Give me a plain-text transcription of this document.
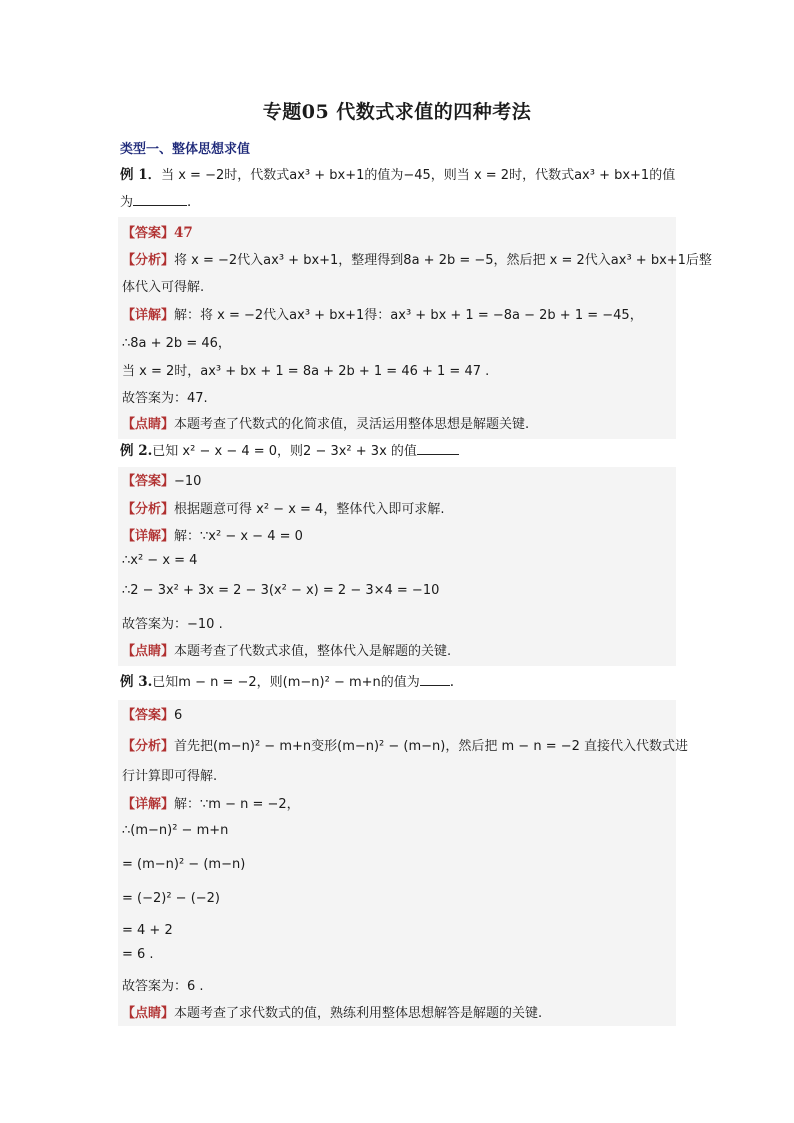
专题05 代数式求值的四种考法
类型一、整体思想求值
例 1．当 x = −2时，代数式ax³ + bx+1的值为−45，则当 x = 2时，代数式ax³ + bx+1的值
为	．
【答案】47
【分析】将 x = −2代入ax³ + bx+1，整理得到8a + 2b = −5，然后把 x = 2代入ax³ + bx+1后整
体代入可得解.
【详解】解：将 x = −2代入ax³ + bx+1得：ax³ + bx + 1 = −8a − 2b + 1 = −45，
∴8a + 2b = 46，
当 x = 2时，ax³ + bx + 1 = 8a + 2b + 1 = 46 + 1 = 47 .
故答案为：47.
【点睛】本题考查了代数式的化简求值，灵活运用整体思想是解题关键.
例 2.已知 x² − x − 4 = 0，则2 − 3x² + 3x 的值
【答案】−10
【分析】根据题意可得 x² − x = 4，整体代入即可求解.
【详解】解：∵x² − x − 4 = 0
∴x² − x = 4
∴2 − 3x² + 3x = 2 − 3(x² − x) = 2 − 3×4 = −10
故答案为：−10 .
【点睛】本题考查了代数式求值，整体代入是解题的关键.
例 3.已知m − n = −2，则(m−n)² − m+n的值为 .
【答案】6
【分析】首先把(m−n)² − m+n变形(m−n)² − (m−n)，然后把 m − n = −2 直接代入代数式进
行计算即可得解.
【详解】解：∵m − n = −2，
∴(m−n)² − m+n
= (m−n)² − (m−n)
= (−2)² − (−2)
= 4 + 2
= 6 .
故答案为：6 .
【点睛】本题考查了求代数式的值，熟练利用整体思想解答是解题的关键.
